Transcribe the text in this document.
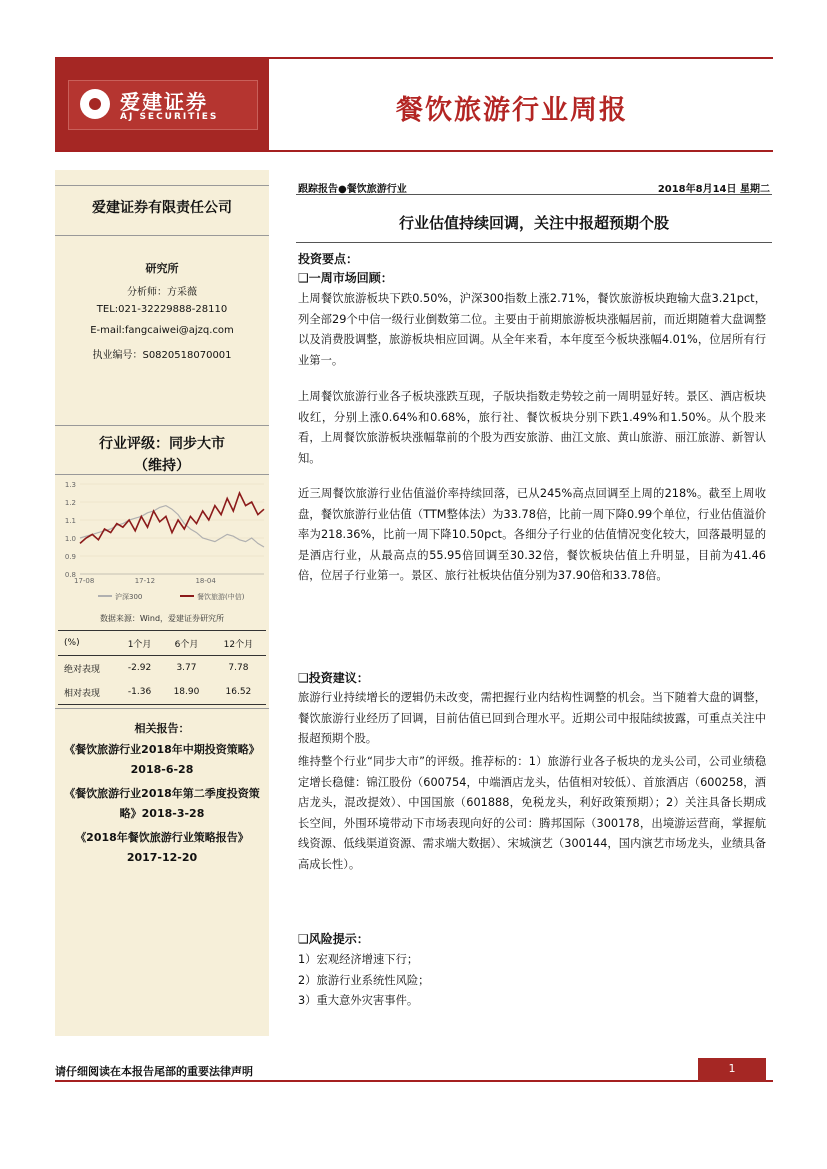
爱建证券
AJ SECURITIES	餐饮旅游行业周报
爱建证券有限责任公司
研究所
分析师：方采薇
TEL:021-32229888-28110
E-mail:fangcaiwei@ajzq.com
执业编号：S0820518070001
行业评级：同步大市
（维持）
1.3
1.2
1.1
1.0
0.9
0.8
17-08	17-12	18-04
沪深300	餐饮旅游(中信)
数据来源：Wind，爱建证券研究所
(%)	1个月	6个月	12个月
绝对表现	-2.92	3.77	7.78
相对表现	-1.36	18.90	16.52
相关报告：
《餐饮旅游行业2018年中期投资策略》2018-6-28
《餐饮旅游行业2018年第二季度投资策略》2018-3-28
《2018年餐饮旅游行业策略报告》2017-12-20
跟踪报告●餐饮旅游行业	2018年8月14日 星期二
行业估值持续回调，关注中报超预期个股
投资要点：
❑一周市场回顾：

上周餐饮旅游板块下跌0.50%，沪深300指数上涨2.71%，餐饮旅游板块跑输大盘3.21pct，列全部29个中信一级行业倒数第二位。主要由于前期旅游板块涨幅居前，而近期随着大盘调整以及消费股调整，旅游板块相应回调。从全年来看，本年度至今板块涨幅4.01%，位居所有行业第一。

上周餐饮旅游行业各子板块涨跌互现，子版块指数走势较之前一周明显好转。景区、酒店板块收红，分别上涨0.64%和0.68%，旅行社、餐饮板块分别下跌1.49%和1.50%。从个股来看，上周餐饮旅游板块涨幅靠前的个股为西安旅游、曲江文旅、黄山旅游、丽江旅游、新智认知。

近三周餐饮旅游行业估值溢价率持续回落，已从245%高点回调至上周的218%。截至上周收盘，餐饮旅游行业估值（TTM整体法）为33.78倍，比前一周下降0.99个单位，行业估值溢价率为218.36%，比前一周下降10.50pct。各细分子行业的估值情况变化较大，回落最明显的是酒店行业，从最高点的55.95倍回调至30.32倍，餐饮板块估值上升明显，目前为41.46倍，位居子行业第一。景区、旅行社板块估值分别为37.90倍和33.78倍。

❑投资建议：

旅游行业持续增长的逻辑仍未改变，需把握行业内结构性调整的机会。当下随着大盘的调整，餐饮旅游行业经历了回调，目前估值已回到合理水平。近期公司中报陆续披露，可重点关注中报超预期个股。

维持整个行业“同步大市”的评级。推荐标的：1）旅游行业各子板块的龙头公司，公司业绩稳定增长稳健：锦江股份（600754，中端酒店龙头，估值相对较低）、首旅酒店（600258，酒店龙头，混改提效）、中国国旅（601888，免税龙头，利好政策预期）；2）关注具备长期成长空间，外围环境带动下市场表现向好的公司：腾邦国际（300178，出境游运营商，掌握航线资源、低线渠道资源、需求端大数据）、宋城演艺（300144，国内演艺市场龙头，业绩具备高成长性）。

❑风险提示：

1）宏观经济增速下行；

2）旅游行业系统性风险；

3）重大意外灾害事件。

请仔细阅读在本报告尾部的重要法律声明	1
